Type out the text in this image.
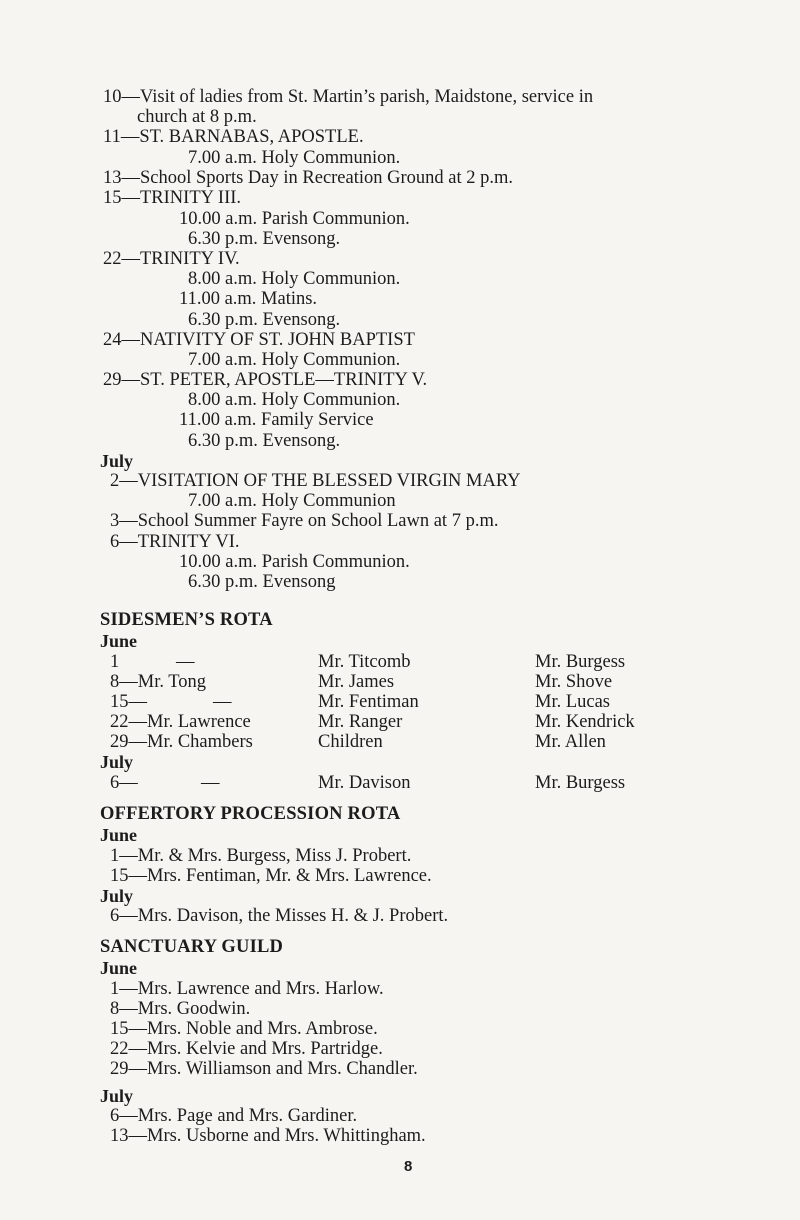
10—Visit of ladies from St. Martin’s parish, Maidstone, service in
church at 8 p.m.
11—ST. BARNABAS, APOSTLE.
7.00 a.m. Holy Communion.
13—School Sports Day in Recreation Ground at 2 p.m.
15—TRINITY III.
10.00 a.m. Parish Communion.
6.30 p.m. Evensong.
22—TRINITY IV.
8.00 a.m. Holy Communion.
11.00 a.m. Matins.
6.30 p.m. Evensong.
24—NATIVITY OF ST. JOHN BAPTIST
7.00 a.m. Holy Communion.
29—ST. PETER, APOSTLE—TRINITY V.
8.00 a.m. Holy Communion.
11.00 a.m. Family Service
6.30 p.m. Evensong.
July
2—VISITATION OF THE BLESSED VIRGIN MARY
7.00 a.m. Holy Communion
3—School Summer Fayre on School Lawn at 7 p.m.
6—TRINITY VI.
10.00 a.m. Parish Communion.
6.30 p.m. Evensong
SIDESMEN’S ROTA
June
1	—	Mr. Titcomb	Mr. Burgess
8—Mr. Tong	Mr. James	Mr. Shove
15—	—	Mr. Fentiman	Mr. Lucas
22—Mr. Lawrence	Mr. Ranger	Mr. Kendrick
29—Mr. Chambers	Children	Mr. Allen
July
6—	—	Mr. Davison	Mr. Burgess
OFFERTORY PROCESSION ROTA
June
1—Mr. & Mrs. Burgess, Miss J. Probert.
15—Mrs. Fentiman, Mr. & Mrs. Lawrence.
July
6—Mrs. Davison, the Misses H. & J. Probert.
SANCTUARY GUILD
June
1—Mrs. Lawrence and Mrs. Harlow.
8—Mrs. Goodwin.
15—Mrs. Noble and Mrs. Ambrose.
22—Mrs. Kelvie and Mrs. Partridge.
29—Mrs. Williamson and Mrs. Chandler.
July
6—Mrs. Page and Mrs. Gardiner.
13—Mrs. Usborne and Mrs. Whittingham.
8
